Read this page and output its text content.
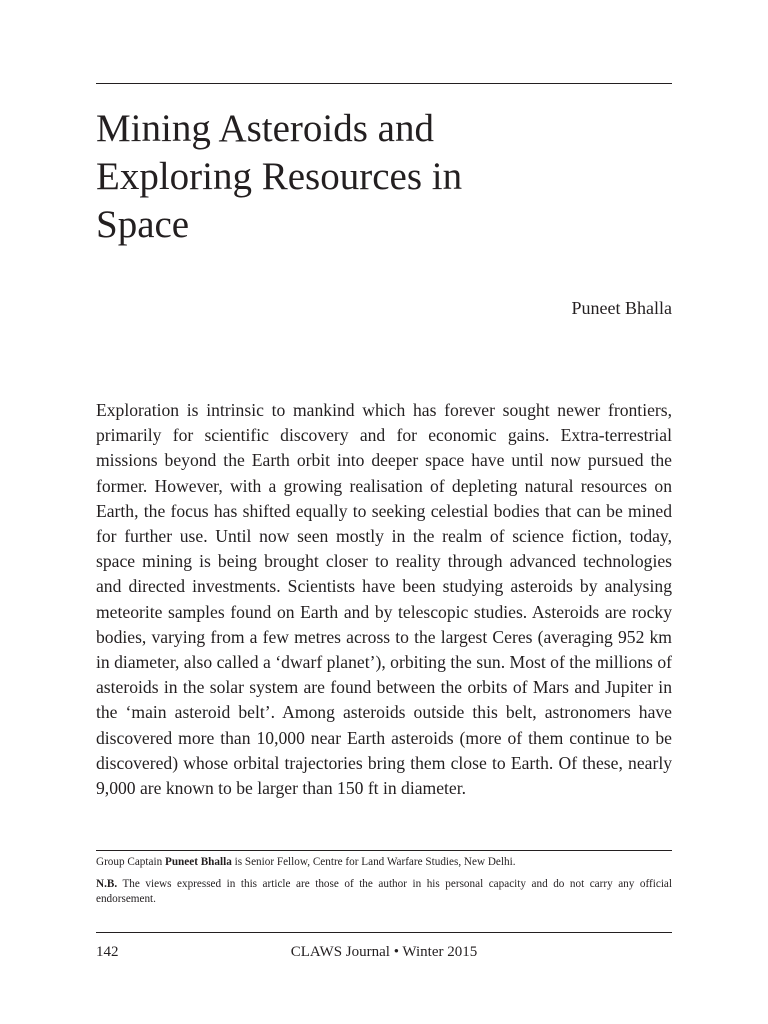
Mining Asteroids and
Exploring Resources in
Space
Puneet Bhalla

Exploration is intrinsic to mankind which has forever sought newer frontiers, primarily for scientific discovery and for economic gains. Extra-terrestrial missions beyond the Earth orbit into deeper space have until now pursued the former. However, with a growing realisation of depleting natural resources on Earth, the focus has shifted equally to seeking celestial bodies that can be mined for further use. Until now seen mostly in the realm of science fiction, today, space mining is being brought closer to reality through advanced technologies and directed investments. Scientists have been studying asteroids by analysing meteorite samples found on Earth and by telescopic studies. Asteroids are rocky bodies, varying from a few metres across to the largest Ceres (averaging 952 km in diameter, also called a ‘dwarf planet’), orbiting the sun. Most of the millions of asteroids in the solar system are found between the orbits of Mars and Jupiter in the ‘main asteroid belt’. Among asteroids outside this belt, astronomers have discovered more than 10,000 near Earth asteroids (more of them continue to be discovered) whose orbital trajectories bring them close to Earth. Of these, nearly 9,000 are known to be larger than 150 ft in diameter.

Group Captain Puneet Bhalla is Senior Fellow, Centre for Land Warfare Studies, New Delhi.

N.B. The views expressed in this article are those of the author in his personal capacity and do not carry any official endorsement.

142	CLAWS Journal • Winter 2015
